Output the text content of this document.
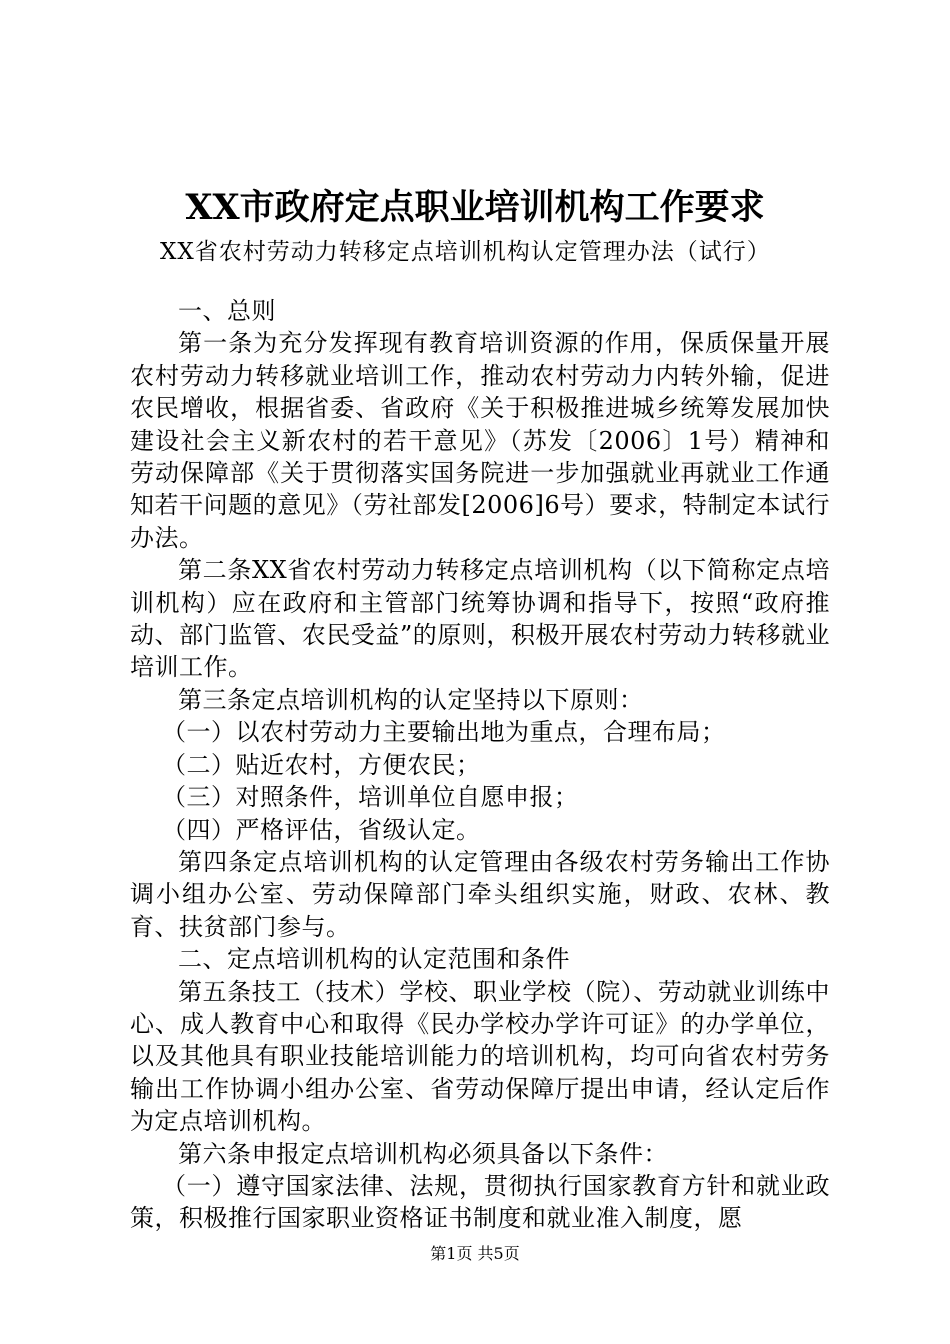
XX市政府定点职业培训机构工作要求
XX省农村劳动力转移定点培训机构认定管理办法（试行）

一、总则

第一条为充分发挥现有教育培训资源的作用，保质保量开展农村劳动力转移就业培训工作，推动农村劳动力内转外输，促进农民增收，根据省委、省政府《关于积极推进城乡统筹发展加快建设社会主义新农村的若干意见》（苏发〔2006〕1号）精神和劳动保障部《关于贯彻落实国务院进一步加强就业再就业工作通知若干问题的意见》（劳社部发[2006]6号）要求，特制定本试行办法。

第二条XX省农村劳动力转移定点培训机构（以下简称定点培训机构）应在政府和主管部门统筹协调和指导下，按照“政府推动、部门监管、农民受益”的原则，积极开展农村劳动力转移就业培训工作。

第三条定点培训机构的认定坚持以下原则：

（一）以农村劳动力主要输出地为重点，合理布局；

（二）贴近农村，方便农民；

（三）对照条件，培训单位自愿申报；

（四）严格评估，省级认定。

第四条定点培训机构的认定管理由各级农村劳务输出工作协调小组办公室、劳动保障部门牵头组织实施，财政、农林、教育、扶贫部门参与。

二、定点培训机构的认定范围和条件

第五条技工（技术）学校、职业学校（院）、劳动就业训练中心、成人教育中心和取得《民办学校办学许可证》的办学单位，以及其他具有职业技能培训能力的培训机构，均可向省农村劳务输出工作协调小组办公室、省劳动保障厅提出申请，经认定后作为定点培训机构。

第六条申报定点培训机构必须具备以下条件：

（一）遵守国家法律、法规，贯彻执行国家教育方针和就业政策，积极推行国家职业资格证书制度和就业准入制度，愿

第1页 共5页
